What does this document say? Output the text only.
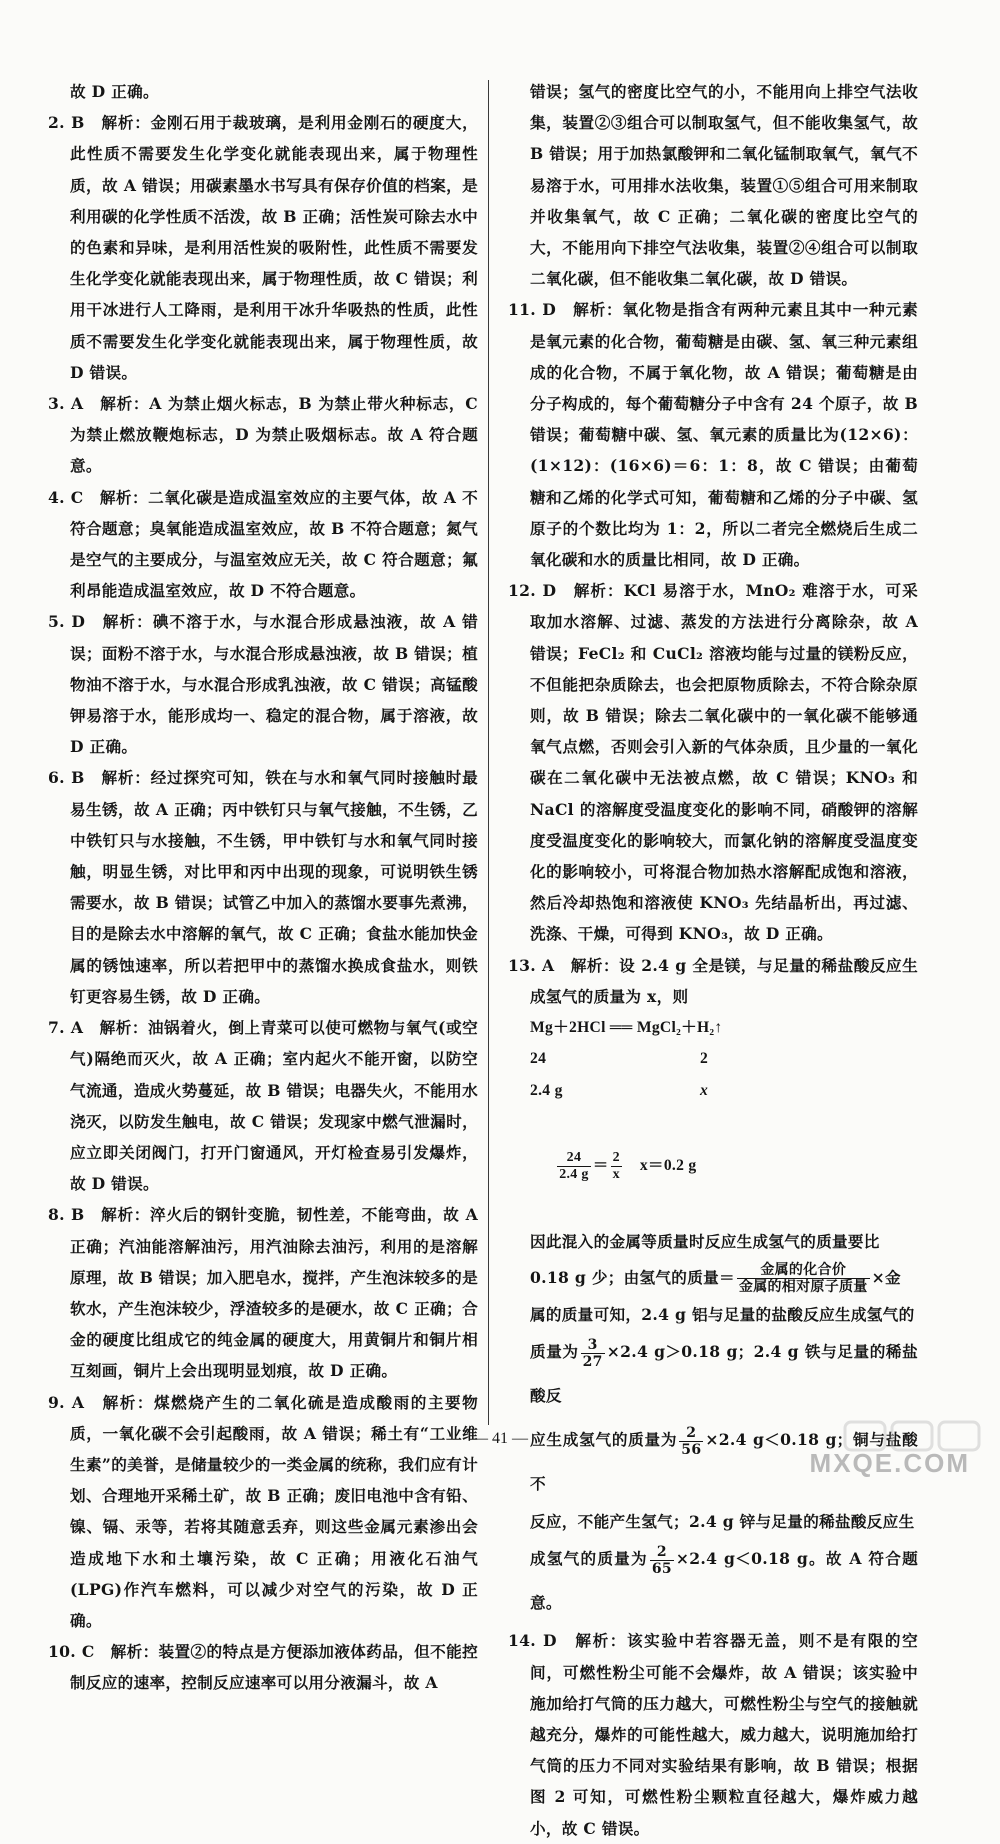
故 D 正确。

2. B　 解析：金刚石用于裁玻璃，是利用金刚石的硬度大，此性质不需要发生化学变化就能表现出来，属于物理性质，故 A 错误；用碳素墨水书写具有保存价值的档案，是利用碳的化学性质不活泼，故 B 正确；活性炭可除去水中的色素和异味，是利用活性炭的吸附性，此性质不需要发生化学变化就能表现出来，属于物理性质，故 C 错误；利用干冰进行人工降雨，是利用干冰升华吸热的性质，此性质不需要发生化学变化就能表现出来，属于物理性质，故 D 错误。

3. A　 解析：A 为禁止烟火标志，B 为禁止带火种标志，C 为禁止燃放鞭炮标志，D 为禁止吸烟标志。故 A 符合题意。

4. C　 解析：二氧化碳是造成温室效应的主要气体，故 A 不符合题意；臭氧能造成温室效应，故 B 不符合题意；氮气是空气的主要成分，与温室效应无关，故 C 符合题意；氟利昂能造成温室效应，故 D 不符合题意。

5. D　 解析：碘不溶于水，与水混合形成悬浊液，故 A 错误；面粉不溶于水，与水混合形成悬浊液，故 B 错误；植物油不溶于水，与水混合形成乳浊液，故 C 错误；高锰酸钾易溶于水，能形成均一、稳定的混合物，属于溶液，故 D 正确。

6. B　 解析：经过探究可知，铁在与水和氧气同时接触时最易生锈，故 A 正确；丙中铁钉只与氧气接触，不生锈，乙中铁钉只与水接触，不生锈，甲中铁钉与水和氧气同时接触，明显生锈，对比甲和丙中出现的现象，可说明铁生锈需要水，故 B 错误；试管乙中加入的蒸馏水要事先煮沸，目的是除去水中溶解的氧气，故 C 正确；食盐水能加快金属的锈蚀速率，所以若把甲中的蒸馏水换成食盐水，则铁钉更容易生锈，故 D 正确。

7. A　 解析：油锅着火，倒上青菜可以使可燃物与氧气(或空气)隔绝而灭火，故 A 正确；室内起火不能开窗，以防空气流通，造成火势蔓延，故 B 错误；电器失火，不能用水浇灭，以防发生触电，故 C 错误；发现家中燃气泄漏时，应立即关闭阀门，打开门窗通风，开灯检查易引发爆炸，故 D 错误。

8. B　 解析：淬火后的钢针变脆，韧性差，不能弯曲，故 A 正确；汽油能溶解油污，用汽油除去油污，利用的是溶解原理，故 B 错误；加入肥皂水，搅拌，产生泡沫较多的是软水，产生泡沫较少，浮渣较多的是硬水，故 C 正确；合金的硬度比组成它的纯金属的硬度大，用黄铜片和铜片相互刻画，铜片上会出现明显划痕，故 D 正确。

9. A　 解析：煤燃烧产生的二氧化硫是造成酸雨的主要物质，一氧化碳不会引起酸雨，故 A 错误；稀土有“工业维生素”的美誉，是储量较少的一类金属的统称，我们应有计划、合理地开采稀土矿，故 B 正确；废旧电池中含有铅、镍、镉、汞等，若将其随意丢弃，则这些金属元素渗出会造成地下水和土壤污染，故 C 正确；用液化石油气(LPG)作汽车燃料，可以减少对空气的污染，故 D 正确。

10. C　 解析：装置②的特点是方便添加液体药品，但不能控制反应的速率，控制反应速率可以用分液漏斗，故 A

错误；氢气的密度比空气的小，不能用向上排空气法收集，装置②③组合可以制取氢气，但不能收集氢气，故 B 错误；用于加热氯酸钾和二氧化锰制取氧气，氧气不易溶于水，可用排水法收集，装置①⑤组合可用来制取并收集氧气，故 C 正确；二氧化碳的密度比空气的大，不能用向下排空气法收集，装置②④组合可以制取二氧化碳，但不能收集二氧化碳，故 D 错误。

11. D　 解析：氧化物是指含有两种元素且其中一种元素是氧元素的化合物，葡萄糖是由碳、氢、氧三种元素组成的化合物，不属于氧化物，故 A 错误；葡萄糖是由分子构成的，每个葡萄糖分子中含有 24 个原子，故 B 错误；葡萄糖中碳、氢、氧元素的质量比为(12×6)：(1×12)：(16×6)＝6：1：8，故 C 错误；由葡萄糖和乙烯的化学式可知，葡萄糖和乙烯的分子中碳、氢原子的个数比均为 1：2，所以二者完全燃烧后生成二氧化碳和水的质量比相同，故 D 正确。

12. D　 解析：KCl 易溶于水，MnO₂ 难溶于水，可采取加水溶解、过滤、蒸发的方法进行分离除杂，故 A 错误；FeCl₂ 和 CuCl₂ 溶液均能与过量的镁粉反应，不但能把杂质除去，也会把原物质除去，不符合除杂原则，故 B 错误；除去二氧化碳中的一氧化碳不能够通氧气点燃，否则会引入新的气体杂质，且少量的一氧化碳在二氧化碳中无法被点燃，故 C 错误；KNO₃ 和 NaCl 的溶解度受温度变化的影响不同，硝酸钾的溶解度受温度变化的影响较大，而氯化钠的溶解度受温度变化的影响较小，可将混合物加热水溶解配成饱和溶液，然后冷却热饱和溶液使 KNO₃ 先结晶析出，再过滤、洗涤、干燥，可得到 KNO₃，故 D 正确。

13. A　 解析：设 2.4 g 全是镁，与足量的稀盐酸反应生成氢气的质量为 x，则

Mg＋2HCl ══ MgCl₂＋H₂↑

24	2

2.4 g	x

$\frac{24}{2.4 g} = \frac{2}{x}$
　 x＝0.2 g

因此混入的金属等质量时反应生成氢气的质量要比

0.18 g 少；由氢气的质量＝ $\frac{\text{金属的化合价}}{\text{金属的相对原子质量}}$ ×金

属的质量可知，2.4 g 铝与足量的盐酸反应生成氢气的

质量为 $\frac{3}{27} \times 2.4$ g＞0.18 g；2.4 g 铁与足量的稀盐酸反

应生成氢气的质量为 $\frac{2}{56} \times 2.4$ g＜0.18 g；铜与盐酸不

反应，不能产生氢气；2.4 g 锌与足量的稀盐酸反应生

成氢气的质量为 $\frac{2}{65} \times 2.4$ g＜0.18 g。故 A 符合题意。

14. D　 解析：该实验中若容器无盖，则不是有限的空间，可燃性粉尘可能不会爆炸，故 A 错误；该实验中施加给打气筒的压力越大，可燃性粉尘与空气的接触就越充分，爆炸的可能性越大，威力越大，说明施加给打气筒的压力不同对实验结果有影响，故 B 错误；根据图 2 可知，可燃性粉尘颗粒直径越大，爆炸威力越小，故 C 错误。

— 41 —
MXQE.COM
